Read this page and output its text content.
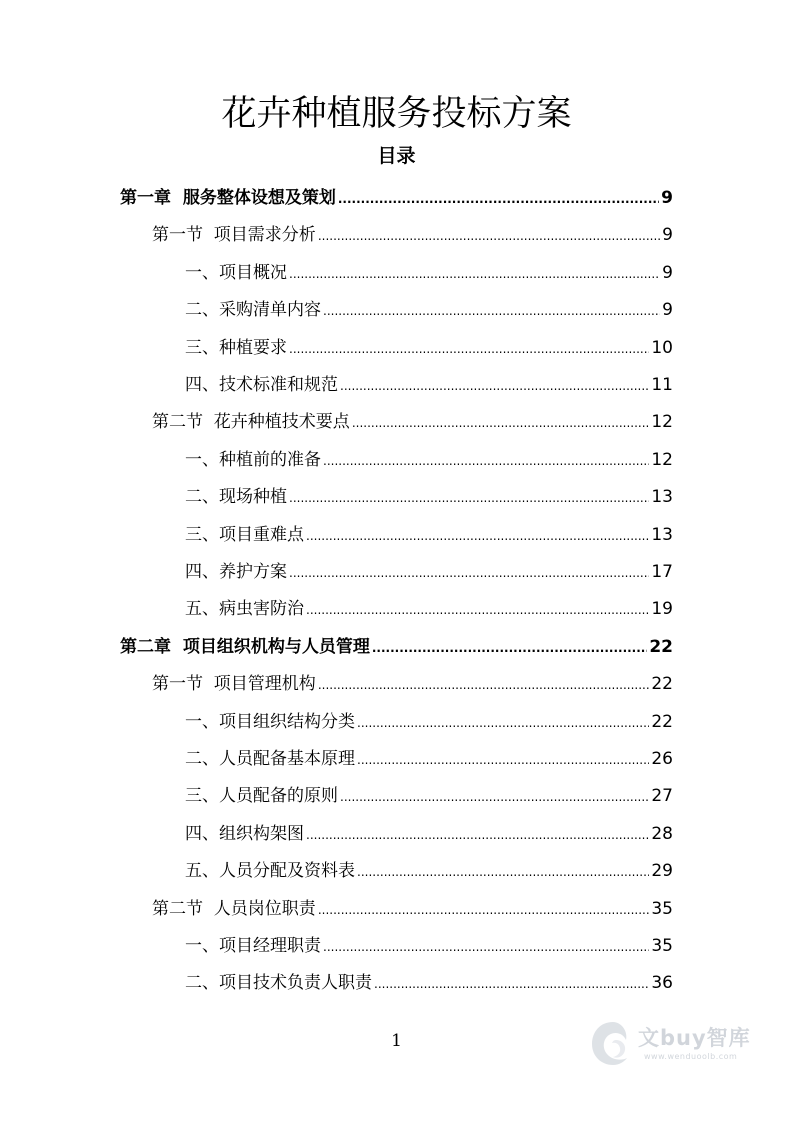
花卉种植服务投标方案
目录
第一章  服务整体设想及策划 .....	9
第一节  项目需求分析 .....	9
一、项目概况 .....	9
二、采购清单内容 .....	9
三、种植要求 .....	10
四、技术标准和规范 .....	11
第二节  花卉种植技术要点 .....	12
一、种植前的准备 .....	12
二、现场种植 .....	13
三、项目重难点 .....	13
四、养护方案 .....	17
五、病虫害防治 .....	19
第二章  项目组织机构与人员管理 .....	22
第一节  项目管理机构 .....	22
一、项目组织结构分类 .....	22
二、人员配备基本原理 .....	26
三、人员配备的原则 .....	27
四、组织构架图 .....	28
五、人员分配及资料表 .....	29
第二节  人员岗位职责 .....	35
一、项目经理职责 .....	35
二、项目技术负责人职责 .....	36
1	文buy智库
www.wenduoolb.com
